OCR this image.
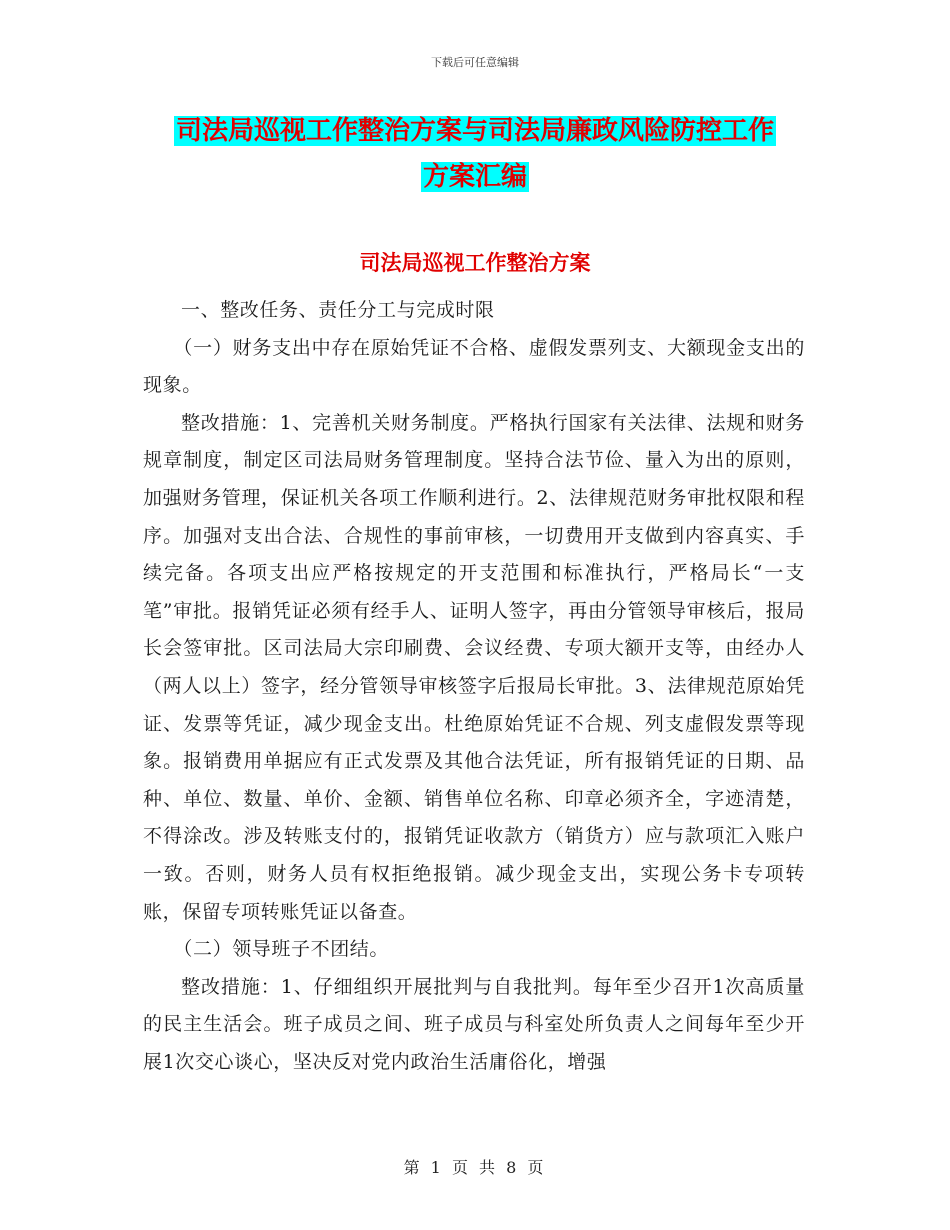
下载后可任意编辑
司法局巡视工作整治方案与司法局廉政风险防控工作
方案汇编
司法局巡视工作整治方案

一、整改任务、责任分工与完成时限

（一）财务支出中存在原始凭证不合格、虚假发票列支、大额现金支出的现象。

整改措施：1、完善机关财务制度。严格执行国家有关法律、法规和财务规章制度，制定区司法局财务管理制度。坚持合法节俭、量入为出的原则，加强财务管理，保证机关各项工作顺利进行。2、法律规范财务审批权限和程序。加强对支出合法、合规性的事前审核，一切费用开支做到内容真实、手续完备。各项支出应严格按规定的开支范围和标准执行，严格局长“一支笔”审批。报销凭证必须有经手人、证明人签字，再由分管领导审核后，报局长会签审批。区司法局大宗印刷费、会议经费、专项大额开支等，由经办人（两人以上）签字，经分管领导审核签字后报局长审批。3、法律规范原始凭证、发票等凭证，减少现金支出。杜绝原始凭证不合规、列支虚假发票等现象。报销费用单据应有正式发票及其他合法凭证，所有报销凭证的日期、品种、单位、数量、单价、金额、销售单位名称、印章必须齐全，字迹清楚，不得涂改。涉及转账支付的，报销凭证收款方（销货方）应与款项汇入账户一致。否则，财务人员有权拒绝报销。减少现金支出，实现公务卡专项转账，保留专项转账凭证以备查。

（二）领导班子不团结。

整改措施：1、仔细组织开展批判与自我批判。每年至少召开1次高质量的民主生活会。班子成员之间、班子成员与科室处所负责人之间每年至少开展1次交心谈心，坚决反对党内政治生活庸俗化，增强

第 1 页 共 8 页
